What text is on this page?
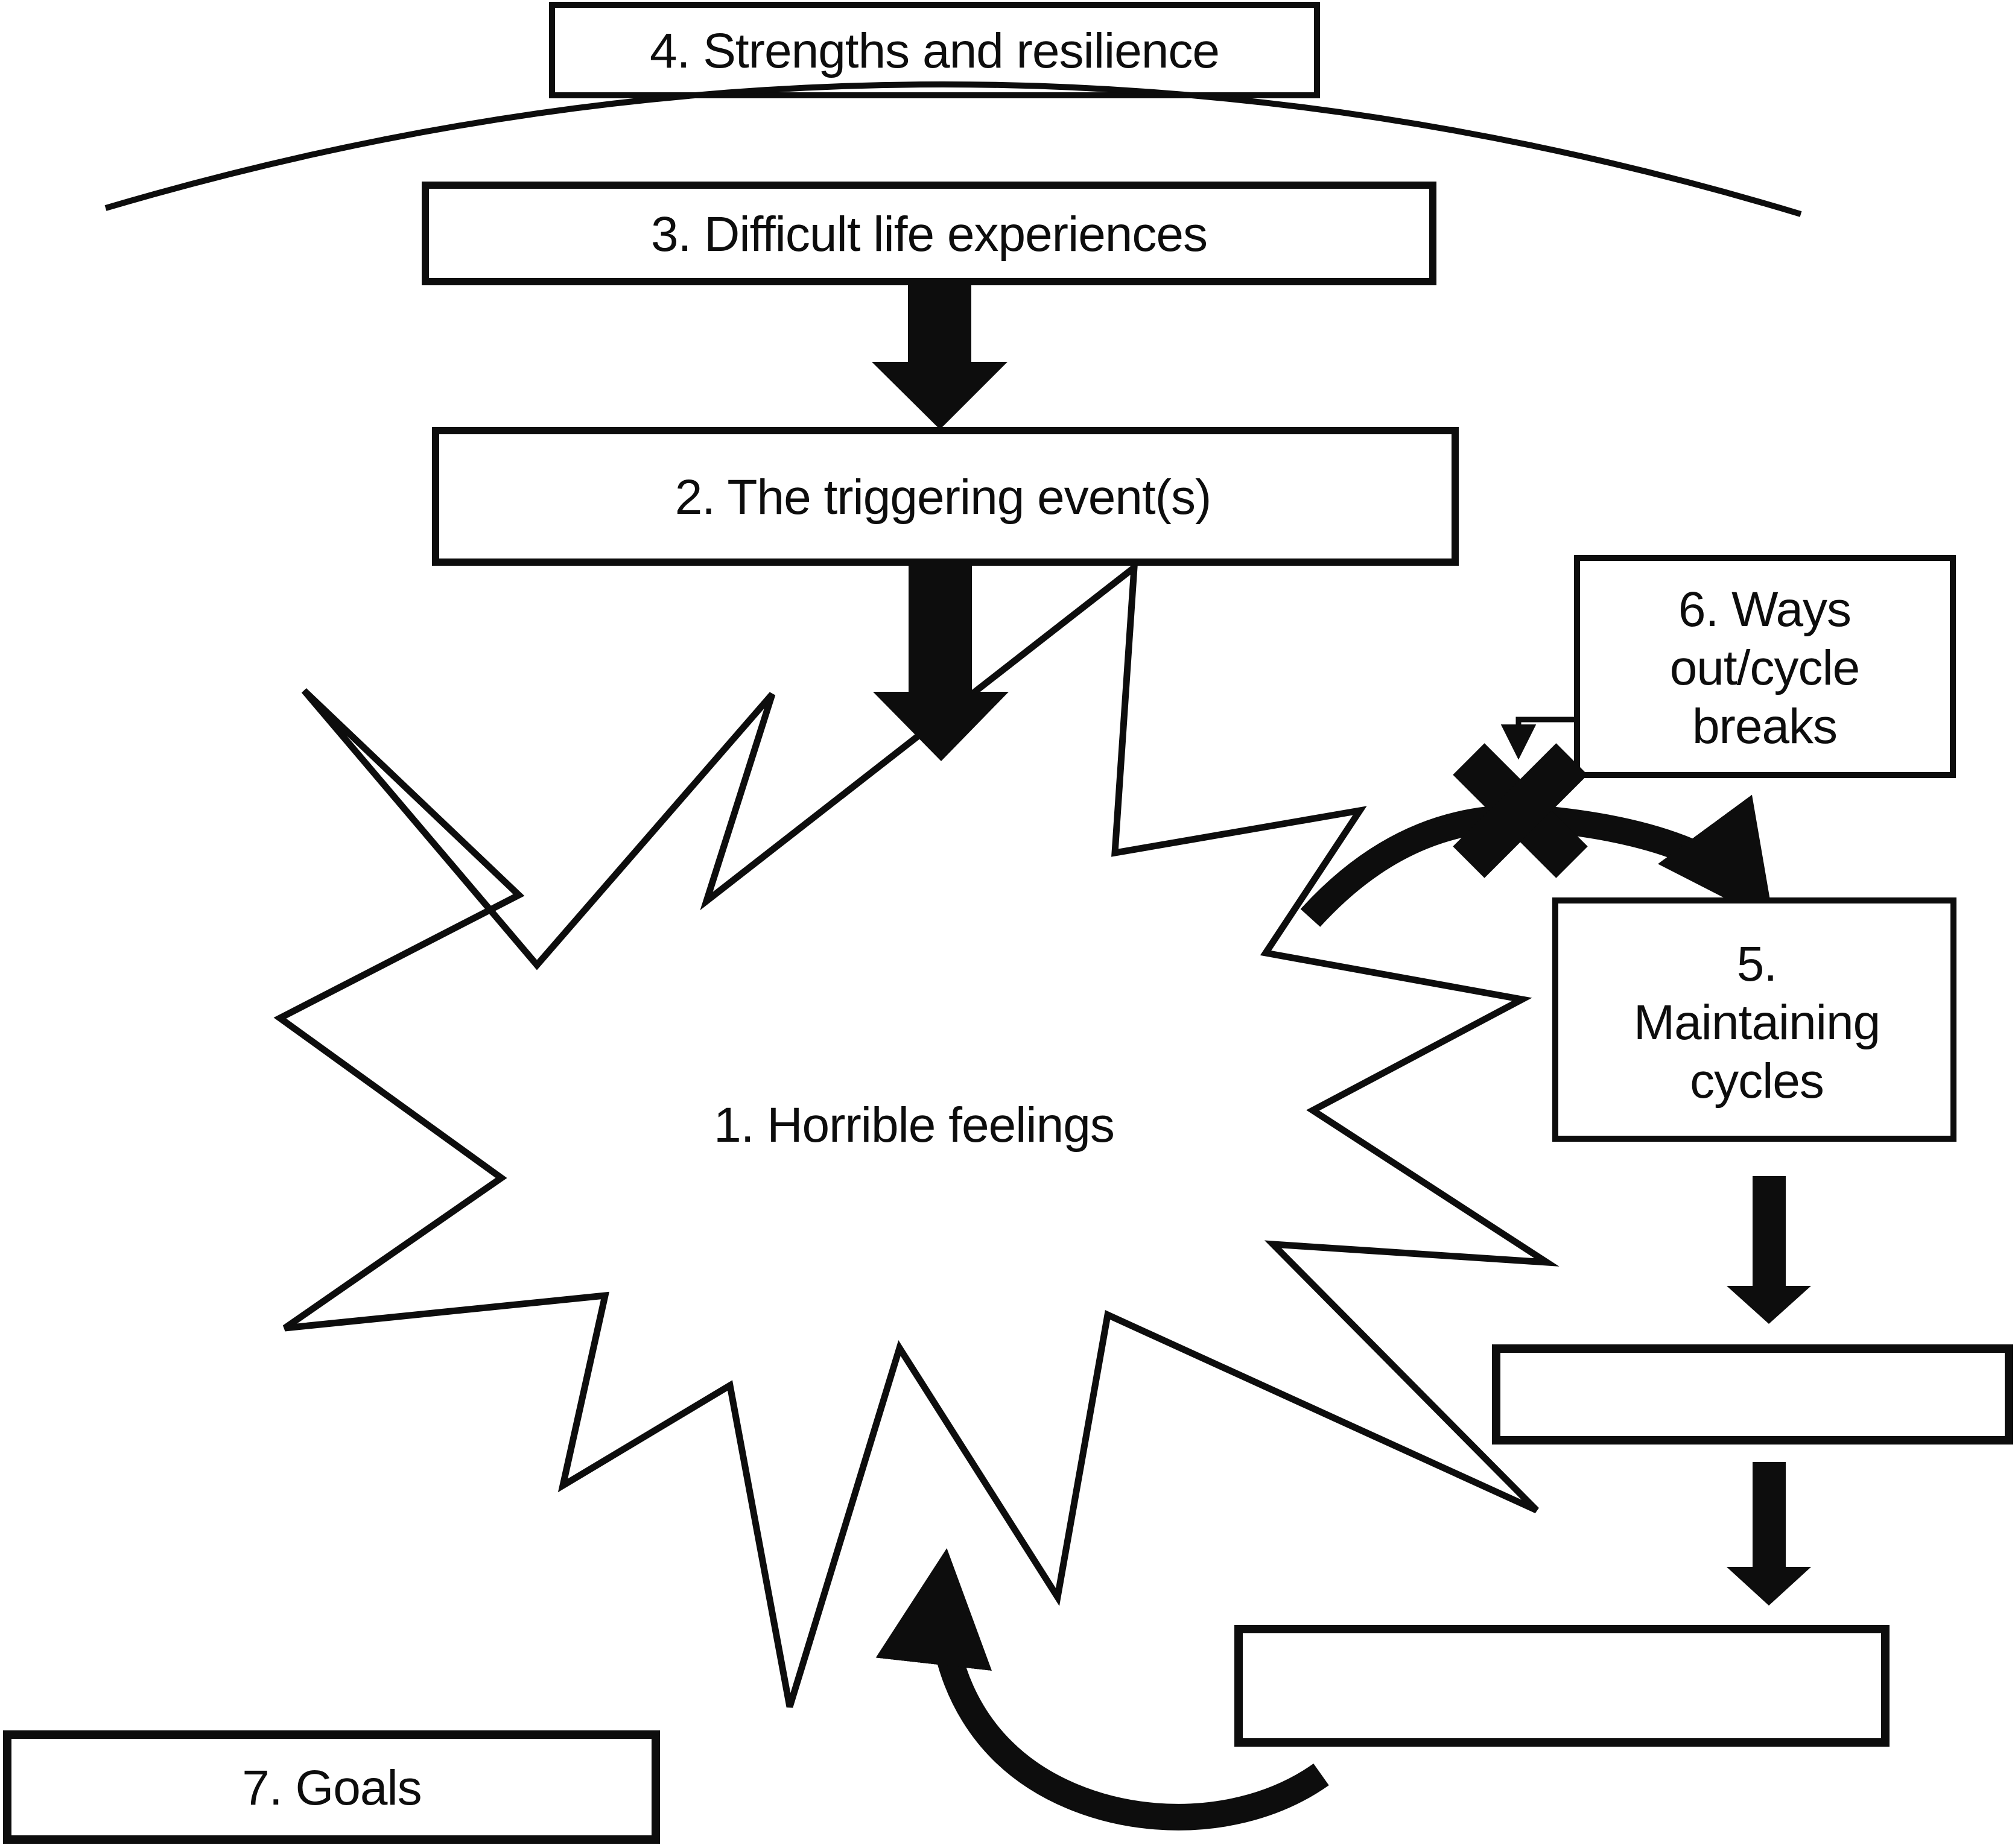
4. Strengths and resilience
3. Difficult life experiences
2. The triggering event(s)
1. Horrible feelings
6. Ways
out/cycle
breaks
5.
Maintaining
cycles
7. Goals
